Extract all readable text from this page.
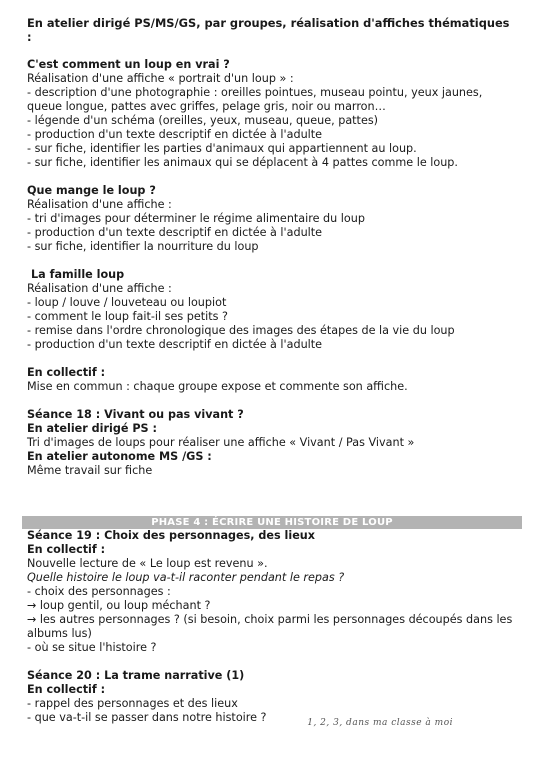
En atelier dirigé PS/MS/GS, par groupes, réalisation d'affiches thématiques :
C'est comment un loup en vrai ?
Réalisation d'une affiche « portrait d'un loup » :
- description d'une photographie : oreilles pointues, museau pointu, yeux jaunes, queue longue, pattes avec griffes, pelage gris, noir ou marron…
- légende d'un schéma (oreilles, yeux, museau, queue, pattes)
- production d'un texte descriptif en dictée à l'adulte
- sur fiche, identifier les parties d'animaux qui appartiennent au loup.
- sur fiche, identifier les animaux qui se déplacent à 4 pattes comme le loup.
Que mange le loup ?
Réalisation d'une affiche :
- tri d'images pour déterminer le régime alimentaire du loup
- production d'un texte descriptif en dictée à l'adulte
- sur fiche, identifier la nourriture du loup
La famille loup
Réalisation d'une affiche :
- loup / louve / louveteau ou loupiot
- comment le loup fait-il ses petits ?
- remise dans l'ordre chronologique des images des étapes de la vie du loup
- production d'un texte descriptif en dictée à l'adulte
En collectif :
Mise en commun : chaque groupe expose et commente son affiche.
Séance 18 : Vivant ou pas vivant ?
En atelier dirigé PS :
Tri d'images de loups pour réaliser une affiche « Vivant / Pas Vivant »
En atelier autonome MS /GS :
Même travail sur fiche
PHASE 4 : ÉCRIRE UNE HISTOIRE DE LOUP
Séance 19 : Choix des personnages, des lieux
En collectif :
Nouvelle lecture de « Le loup est revenu ».
Quelle histoire le loup va-t-il raconter pendant le repas ?
- choix des personnages :
→ loup gentil, ou loup méchant ?
→ les autres personnages ? (si besoin, choix parmi les personnages découpés dans les albums lus)
- où se situe l'histoire ?
Séance 20 : La trame narrative (1)
En collectif :
- rappel des personnages et des lieux
- que va-t-il se passer dans notre histoire ?	1, 2, 3, dans ma classe à moi
